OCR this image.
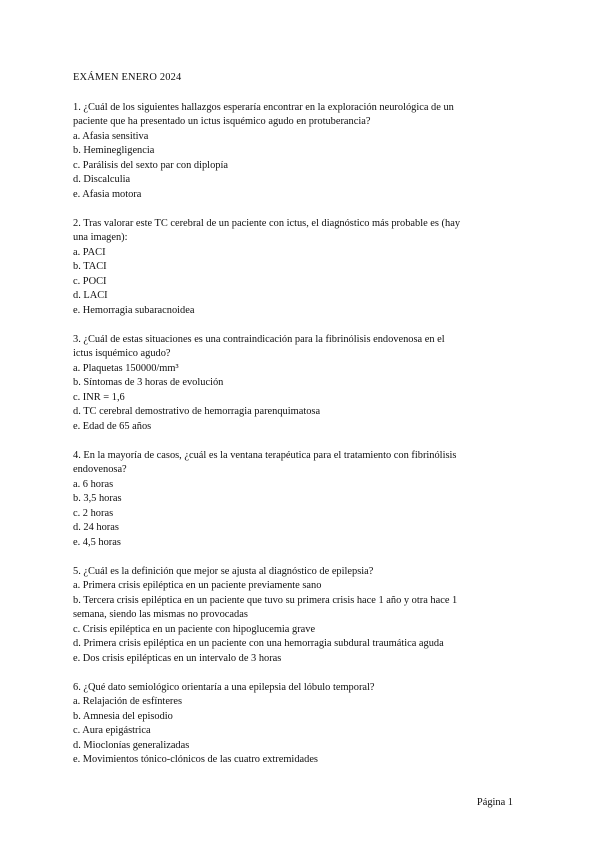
EXÁMEN ENERO 2024

1. ¿Cuál de los siguientes hallazgos esperaría encontrar en la exploración neurológica de un

paciente que ha presentado un ictus isquémico agudo en protuberancia?

a. Afasia sensitiva

b. Heminegligencia

c. Parálisis del sexto par con diplopía

d. Discalculia

e. Afasia motora

2. Tras valorar este TC cerebral de un paciente con ictus, el diagnóstico más probable es (hay

una imagen):

a. PACI

b. TACI

c. POCI

d. LACI

e. Hemorragia subaracnoidea

3. ¿Cuál de estas situaciones es una contraindicación para la fibrinólisis endovenosa en el

ictus isquémico agudo?

a. Plaquetas 150000/mm³

b. Síntomas de 3 horas de evolución

c. INR = 1,6

d. TC cerebral demostrativo de hemorragia parenquimatosa

e. Edad de 65 años

4. En la mayoría de casos, ¿cuál es la ventana terapéutica para el tratamiento con fibrinólisis

endovenosa?

a. 6 horas

b. 3,5 horas

c. 2 horas

d. 24 horas

e. 4,5 horas

5. ¿Cuál es la definición que mejor se ajusta al diagnóstico de epilepsia?

a. Primera crisis epiléptica en un paciente previamente sano

b. Tercera crisis epiléptica en un paciente que tuvo su primera crisis hace 1 año y otra hace 1

semana, siendo las mismas no provocadas

c. Crisis epiléptica en un paciente con hipoglucemia grave

d. Primera crisis epiléptica en un paciente con una hemorragia subdural traumática aguda

e. Dos crisis epilépticas en un intervalo de 3 horas

6. ¿Qué dato semiológico orientaría a una epilepsia del lóbulo temporal?

a. Relajación de esfínteres

b. Amnesia del episodio

c. Aura epigástrica

d. Mioclonías generalizadas

e. Movimientos tónico-clónicos de las cuatro extremidades

Página 1
